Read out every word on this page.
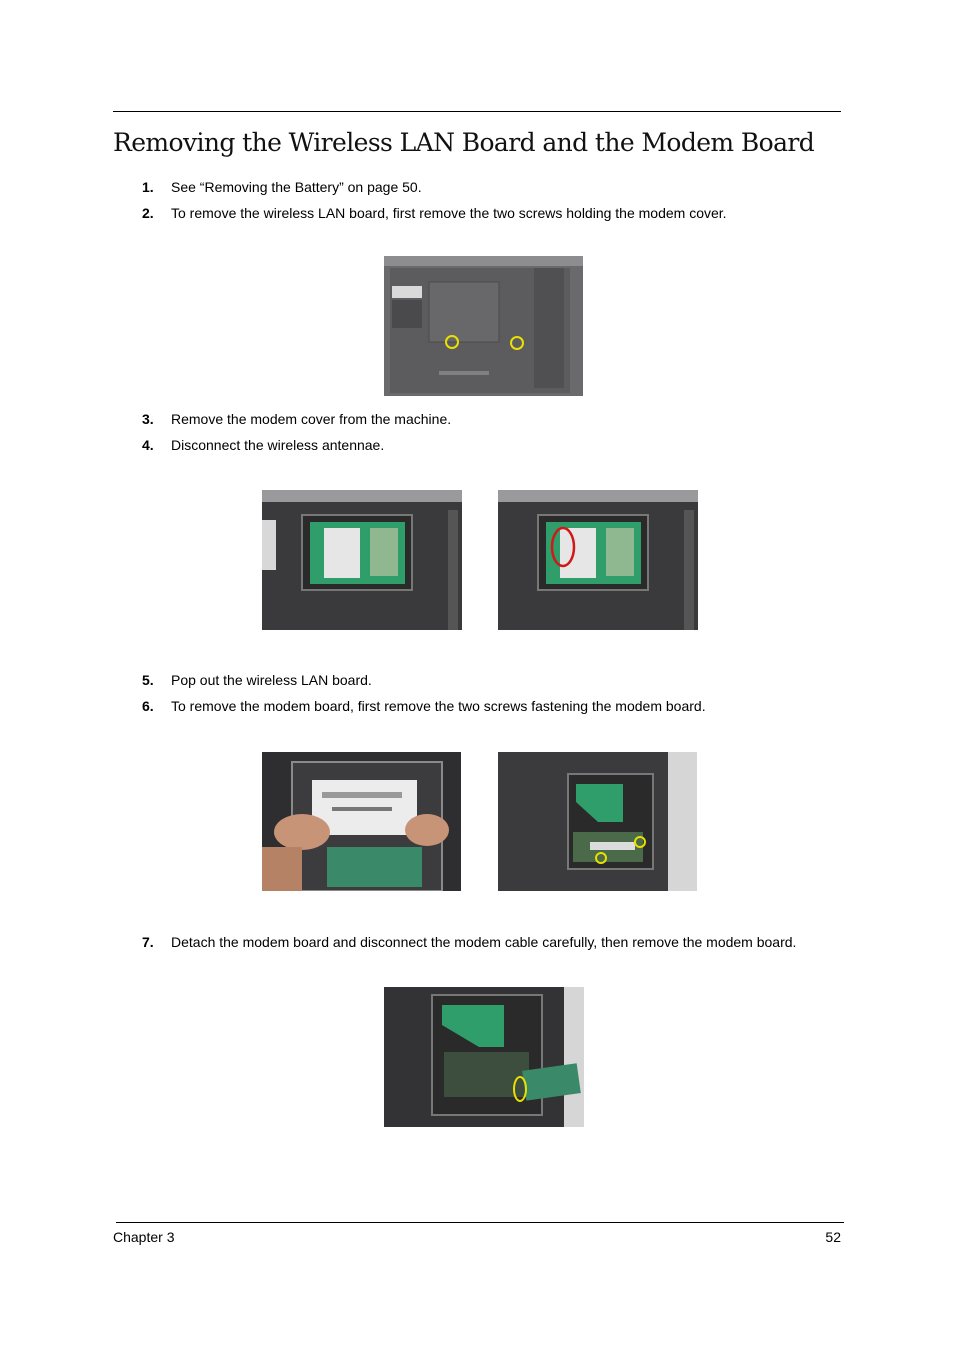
Removing the Wireless LAN Board and the Modem Board
1. See “Removing the Battery” on page 50.
2. To remove the wireless LAN board, first remove the two screws holding the modem cover.
3. Remove the modem cover from the machine.
4. Disconnect the wireless antennae.
5. Pop out the wireless LAN board.
6. To remove the modem board, first remove the two screws fastening the modem board.
7. Detach the modem board and disconnect the modem cable carefully, then remove the modem board.
Chapter 3	52
